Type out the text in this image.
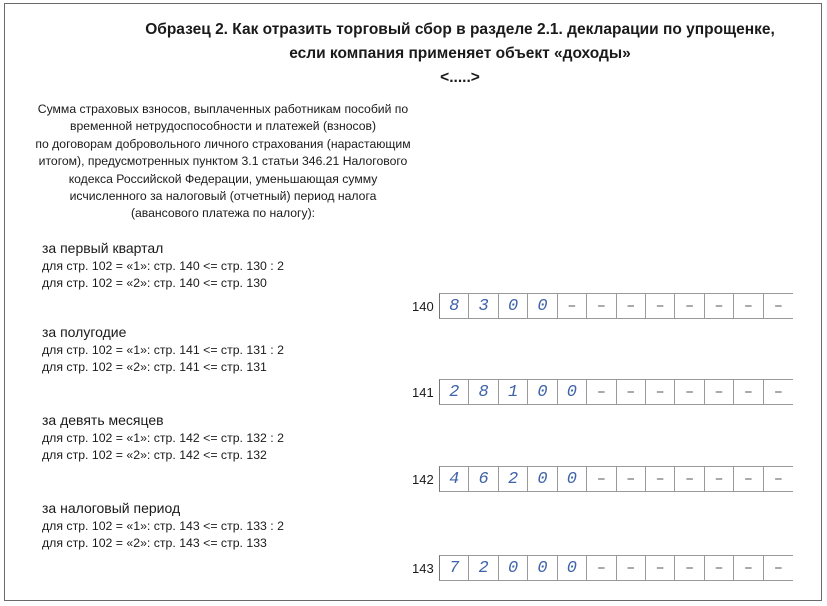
Образец 2. Как отразить торговый сбор в разделе 2.1. декларации по упрощенке,
если компания применяет объект «доходы»
<.....>
Сумма страховых взносов, выплаченных работникам пособий по
временной нетрудоспособности и платежей (взносов)
по договорам добровольного личного страхования (нарастающим
итогом), предусмотренных пунктом 3.1 статьи 346.21 Налогового
кодекса Российской Федерации, уменьшающая сумму
исчисленного за налоговый (отчетный) период налога
(авансового платежа по налогу):
за первый квартал
для стр. 102 = «1»: стр. 140 <= стр. 130 : 2
для стр. 102 = «2»: стр. 140 <= стр. 130
140 8	3	0	0	–	–	–	–	–	–	–	–
за полугодие
для стр. 102 = «1»: стр. 141 <= стр. 131 : 2
для стр. 102 = «2»: стр. 141 <= стр. 131
141 2	8	1	0	0	–	–	–	–	–	–	–
за девять месяцев
для стр. 102 = «1»: стр. 142 <= стр. 132 : 2
для стр. 102 = «2»: стр. 142 <= стр. 132
142 4	6	2	0	0	–	–	–	–	–	–	–
за налоговый период
для стр. 102 = «1»: стр. 143 <= стр. 133 : 2
для стр. 102 = «2»: стр. 143 <= стр. 133
143 7	2	0	0	0	–	–	–	–	–	–	–
